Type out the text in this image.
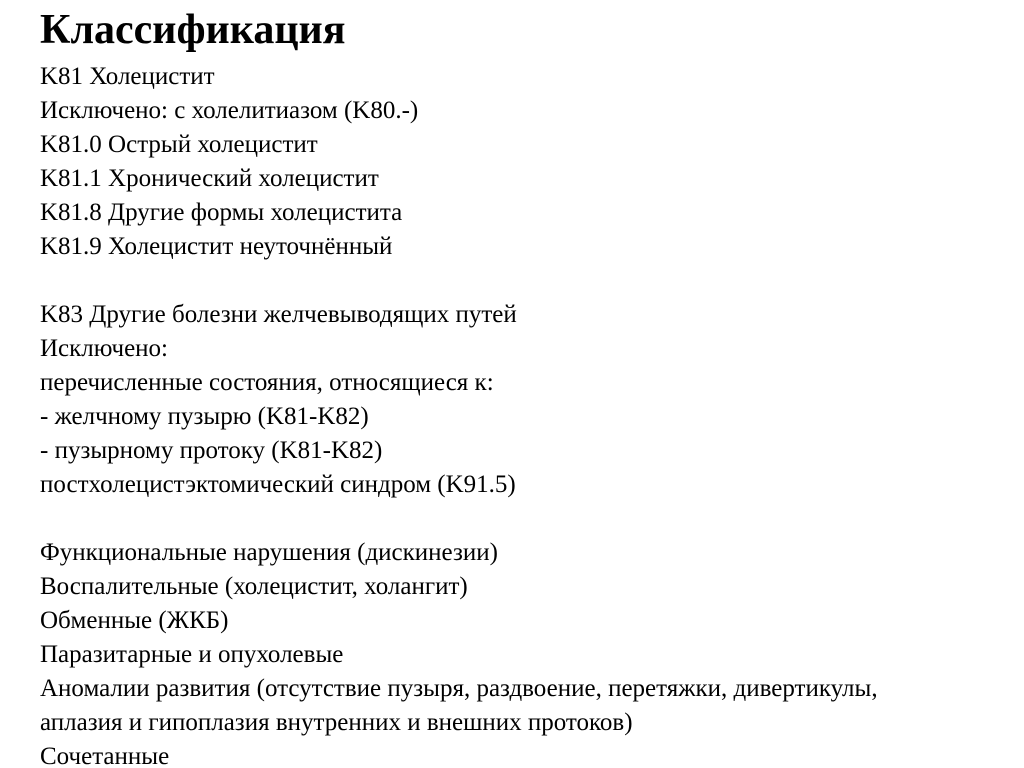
Классификация
K81 Холецистит
Исключено: с холелитиазом (K80.-)
K81.0 Острый холецистит
K81.1 Хронический холецистит
K81.8 Другие формы холецистита
K81.9 Холецистит неуточнённый
K83 Другие болезни желчевыводящих путей
Исключено:
перечисленные состояния, относящиеся к:
- желчному пузырю (K81-K82)
- пузырному протоку (K81-K82)
постхолецистэктомический синдром (K91.5)
Функциональные нарушения (дискинезии)
Воспалительные (холецистит, холангит)
Обменные (ЖКБ)
Паразитарные и опухолевые
Аномалии развития (отсутствие пузыря, раздвоение, перетяжки, дивертикулы,
аплазия и гипоплазия внутренних и внешних протоков)
Сочетанные
